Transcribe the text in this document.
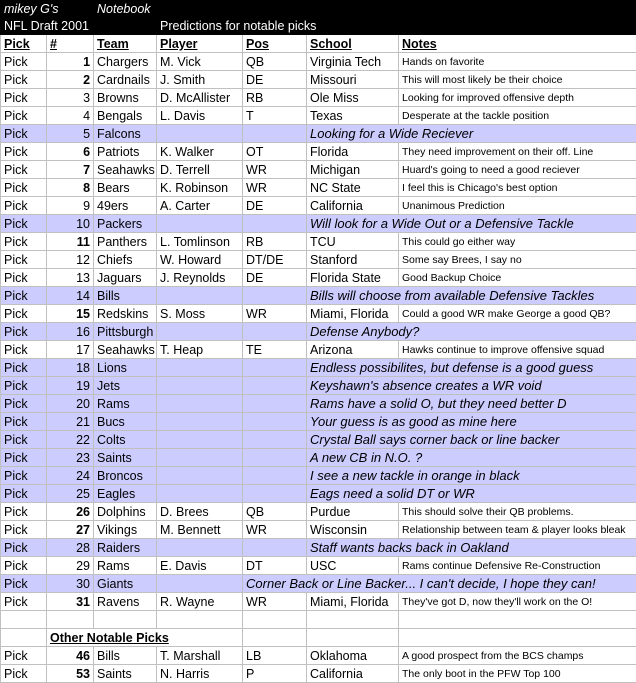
mikey G's		Notebook				
NFL Draft 2001			Predictions for notable picks			
Pick	#	Team	Player	Pos	School	Notes
Pick	1	Chargers	M. Vick	QB	Virginia Tech	Hands on favorite
Pick	2	Cardnails	J. Smith	DE	Missouri	This will most likely be their choice
Pick	3	Browns	D. McAllister	RB	Ole Miss	Looking for improved offensive depth
Pick	4	Bengals	L. Davis	T	Texas	Desperate at the tackle position
Pick	5	Falcons			Looking for a Wide Reciever	
Pick	6	Patriots	K. Walker	OT	Florida	They need improvement on their off. Line
Pick	7	Seahawks	D. Terrell	WR	Michigan	Huard's going to need a good reciever
Pick	8	Bears	K. Robinson	WR	NC State	I feel this is Chicago's best option
Pick	9	49ers	A. Carter	DE	California	Unanimous Prediction
Pick	10	Packers			Will look for a Wide Out or a Defensive Tackle	
Pick	11	Panthers	L. Tomlinson	RB	TCU	This could go either way
Pick	12	Chiefs	W. Howard	DT/DE	Stanford	Some say Brees, I say no
Pick	13	Jaguars	J. Reynolds	DE	Florida State	Good Backup Choice
Pick	14	Bills			Bills will choose from available Defensive Tackles	
Pick	15	Redskins	S. Moss	WR	Miami, Florida	Could a good WR make George a good QB?
Pick	16	Pittsburgh			Defense Anybody?	
Pick	17	Seahawks	T. Heap	TE	Arizona	Hawks continue to improve offensive squad
Pick	18	Lions			Endless possibilites, but defense is a good guess	
Pick	19	Jets			Keyshawn's absence creates a WR void	
Pick	20	Rams			Rams have a solid O, but they need better D	
Pick	21	Bucs			Your guess is as good as mine here	
Pick	22	Colts			Crystal Ball says corner back or line backer	
Pick	23	Saints			A new CB in N.O. ?	
Pick	24	Broncos			I see a new tackle in orange in black	
Pick	25	Eagles			Eags need a solid DT or WR	
Pick	26	Dolphins	D. Brees	QB	Purdue	This should solve their QB problems.
Pick	27	Vikings	M. Bennett	WR	Wisconsin	Relationship between team & player looks bleak
Pick	28	Raiders			Staff wants backs back in Oakland	
Pick	29	Rams	E. Davis	DT	USC	Rams continue Defensive Re-Construction
Pick	30	Giants		Corner Back or Line Backer... I can't decide, I hope they can!		
Pick	31	Ravens	R. Wayne	WR	Miami, Florida	They've got D, now they'll work on the O!

	Other Notable Picks					
Pick	46	Bills	T. Marshall	LB	Oklahoma	A good prospect from the BCS champs
Pick	53	Saints	N. Harris	P	California	The only boot in the PFW Top 100
